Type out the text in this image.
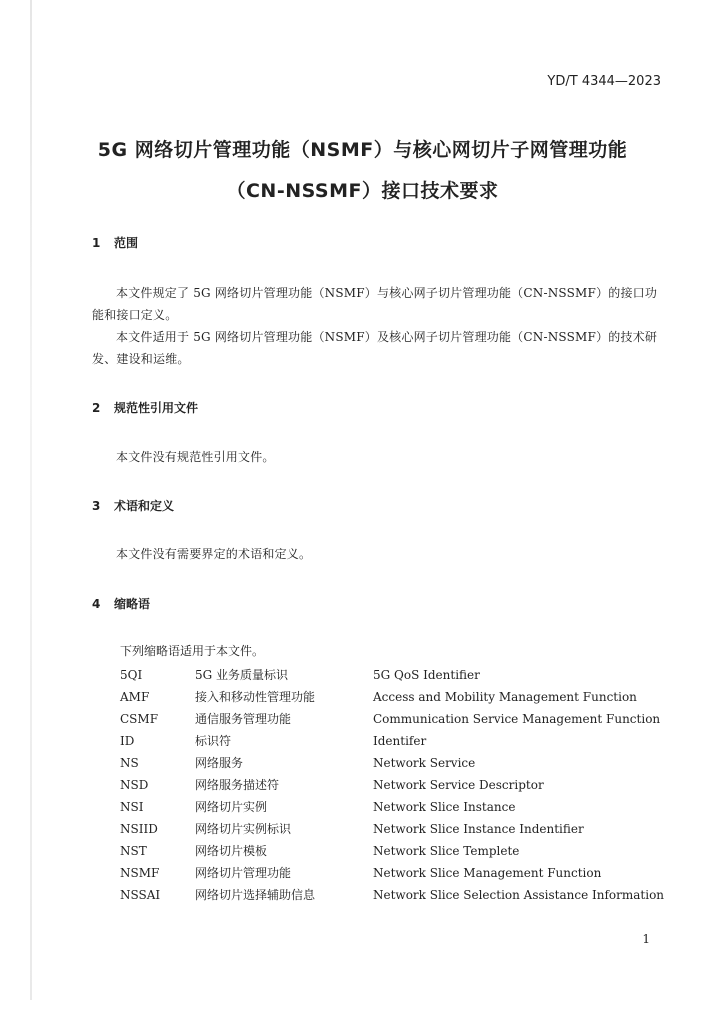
YD/T 4344—2023
5G 网络切片管理功能（NSMF）与核心网切片子网管理功能
（CN-NSSMF）接口技术要求
1 范围

本文件规定了 5G 网络切片管理功能（NSMF）与核心网子切片管理功能（CN-NSSMF）的接口功能和接口定义。

本文件适用于 5G 网络切片管理功能（NSMF）及核心网子切片管理功能（CN-NSSMF）的技术研发、建设和运维。

2 规范性引用文件

本文件没有规范性引用文件。

3 术语和定义

本文件没有需要界定的术语和定义。

4 缩略语
下列缩略语适用于本文件。
5QI	5G 业务质量标识	5G QoS Identifier
AMF	接入和移动性管理功能	Access and Mobility Management Function
CSMF	通信服务管理功能	Communication Service Management Function
ID	标识符	Identifer
NS	网络服务	Network Service
NSD	网络服务描述符	Network Service Descriptor
NSI	网络切片实例	Network Slice Instance
NSIID	网络切片实例标识	Network Slice Instance Indentifier
NST	网络切片模板	Network Slice Templete
NSMF	网络切片管理功能	Network Slice Management Function
NSSAI	网络切片选择辅助信息	Network Slice Selection Assistance Information
1
